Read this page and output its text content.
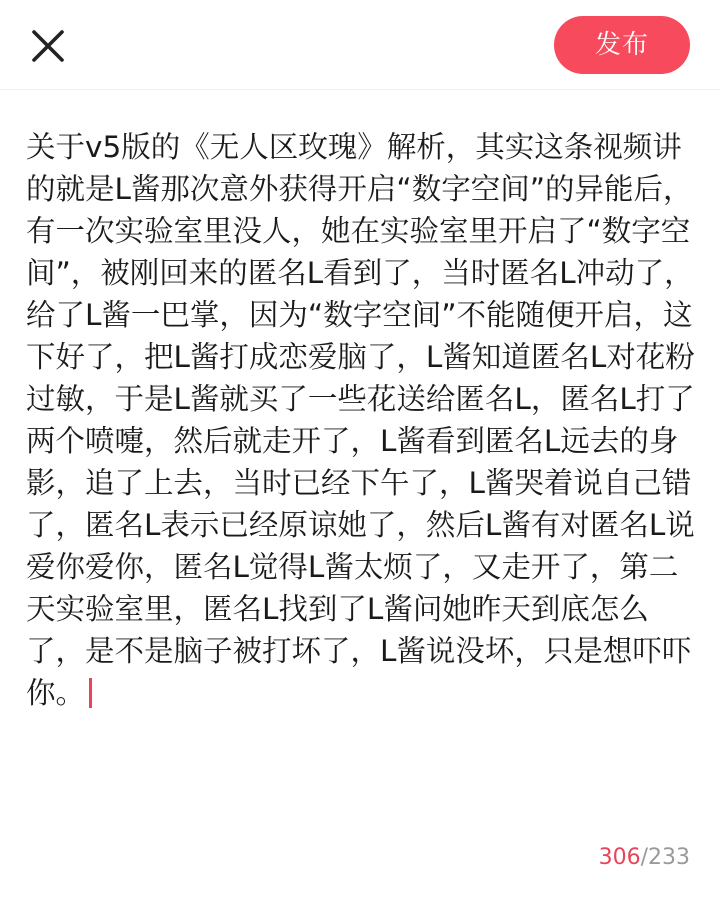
发布
关于v5版的《无人区玫瑰》解析，其实这条视频讲的就是L酱那次意外获得开启“数字空间”的异能后，有一次实验室里没人，她在实验室里开启了“数字空间”，被刚回来的匿名L看到了，当时匿名L冲动了，给了L酱一巴掌，因为“数字空间”不能随便开启，这下好了，把L酱打成恋爱脑了，L酱知道匿名L对花粉过敏，于是L酱就买了一些花送给匿名L，匿名L打了两个喷嚏，然后就走开了，L酱看到匿名L远去的身影，追了上去，当时已经下午了，L酱哭着说自己错了，匿名L表示已经原谅她了，然后L酱有对匿名L说爱你爱你，匿名L觉得L酱太烦了，又走开了，第二天实验室里，匿名L找到了L酱问她昨天到底怎么了，是不是脑子被打坏了，L酱说没坏，只是想吓吓你。
306/233
